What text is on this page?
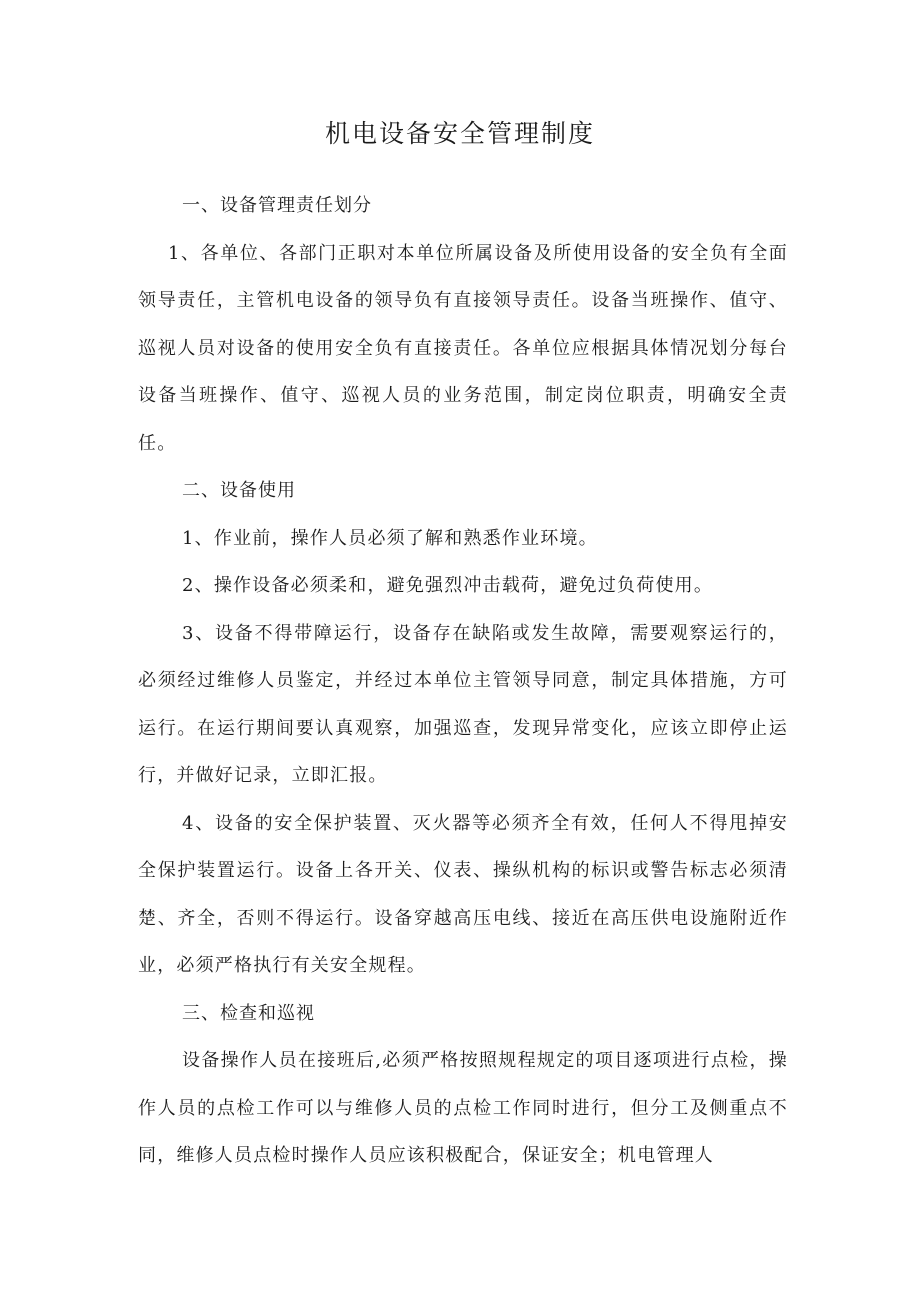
机电设备安全管理制度

一、设备管理责任划分

1、各单位、各部门正职对本单位所属设备及所使用设备的安全负有全面领导责任，主管机电设备的领导负有直接领导责任。设备当班操作、值守、巡视人员对设备的使用安全负有直接责任。各单位应根据具体情况划分每台设备当班操作、值守、巡视人员的业务范围，制定岗位职责，明确安全责任。

二、设备使用

1、作业前，操作人员必须了解和熟悉作业环境。

2、操作设备必须柔和，避免强烈冲击载荷，避免过负荷使用。

3、设备不得带障运行，设备存在缺陷或发生故障，需要观察运行的，必须经过维修人员鉴定，并经过本单位主管领导同意，制定具体措施，方可运行。在运行期间要认真观察，加强巡查，发现异常变化，应该立即停止运行，并做好记录，立即汇报。

4、设备的安全保护装置、灭火器等必须齐全有效，任何人不得甩掉安全保护装置运行。设备上各开关、仪表、操纵机构的标识或警告标志必须清楚、齐全，否则不得运行。设备穿越高压电线、接近在高压供电设施附近作业，必须严格执行有关安全规程。

三、检查和巡视

设备操作人员在接班后,必须严格按照规程规定的项目逐项进行点检，操作人员的点检工作可以与维修人员的点检工作同时进行，但分工及侧重点不同，维修人员点检时操作人员应该积极配合，保证安全；机电管理人
